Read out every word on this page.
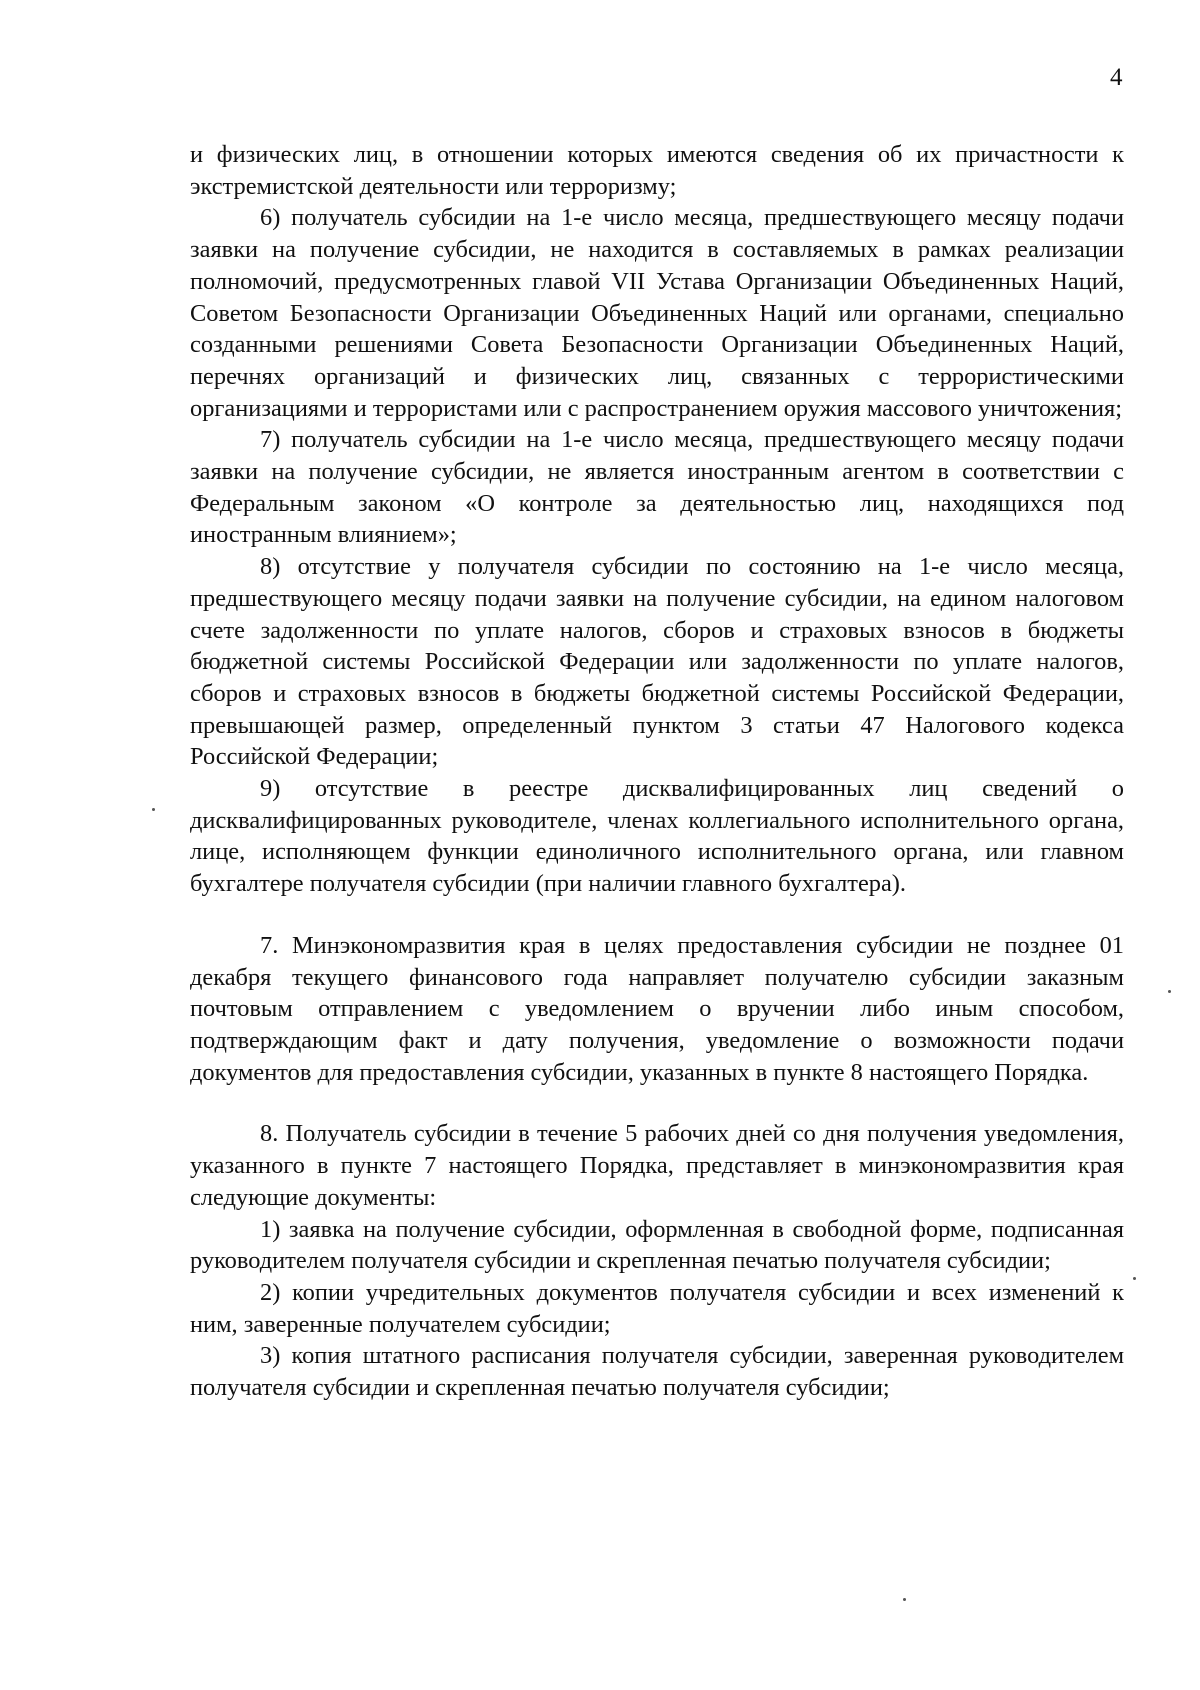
4

и физических лиц, в отношении которых имеются сведения об их причастности к экстремистской деятельности или терроризму;

6) получатель субсидии на 1-е число месяца, предшествующего месяцу подачи заявки на получение субсидии, не находится в составляемых в рамках реализации полномочий, предусмотренных главой VII Устава Организации Объединенных Наций, Советом Безопасности Организации Объединенных Наций или органами, специально созданными решениями Совета Безопасности Организации Объединенных Наций, перечнях организаций и физических лиц, связанных с террористическими организациями и террористами или с распространением оружия массового уничтожения;

7) получатель субсидии на 1-е число месяца, предшествующего месяцу подачи заявки на получение субсидии, не является иностранным агентом в соответствии с Федеральным законом «О контроле за деятельностью лиц, находящихся под иностранным влиянием»;

8) отсутствие у получателя субсидии по состоянию на 1-е число месяца, предшествующего месяцу подачи заявки на получение субсидии, на едином налоговом счете задолженности по уплате налогов, сборов и страховых взносов в бюджеты бюджетной системы Российской Федерации или задолженности по уплате налогов, сборов и страховых взносов в бюджеты бюджетной системы Российской Федерации, превышающей размер, определенный пунктом 3 статьи 47 Налогового кодекса Российской Федерации;

9) отсутствие в реестре дисквалифицированных лиц сведений о дисквалифицированных руководителе, членах коллегиального исполнительного органа, лице, исполняющем функции единоличного исполнительного органа, или главном бухгалтере получателя субсидии (при наличии главного бухгалтера).

7. Минэкономразвития края в целях предоставления субсидии не позднее 01 декабря текущего финансового года направляет получателю субсидии заказным почтовым отправлением с уведомлением о вручении либо иным способом, подтверждающим факт и дату получения, уведомление о возможности подачи документов для предоставления субсидии, указанных в пункте 8 настоящего Порядка.

8. Получатель субсидии в течение 5 рабочих дней со дня получения уведомления, указанного в пункте 7 настоящего Порядка, представляет в минэкономразвития края следующие документы:

1) заявка на получение субсидии, оформленная в свободной форме, подписанная руководителем получателя субсидии и скрепленная печатью получателя субсидии;

2) копии учредительных документов получателя субсидии и всех изменений к ним, заверенные получателем субсидии;

3) копия штатного расписания получателя субсидии, заверенная руководителем получателя субсидии и скрепленная печатью получателя субсидии;
